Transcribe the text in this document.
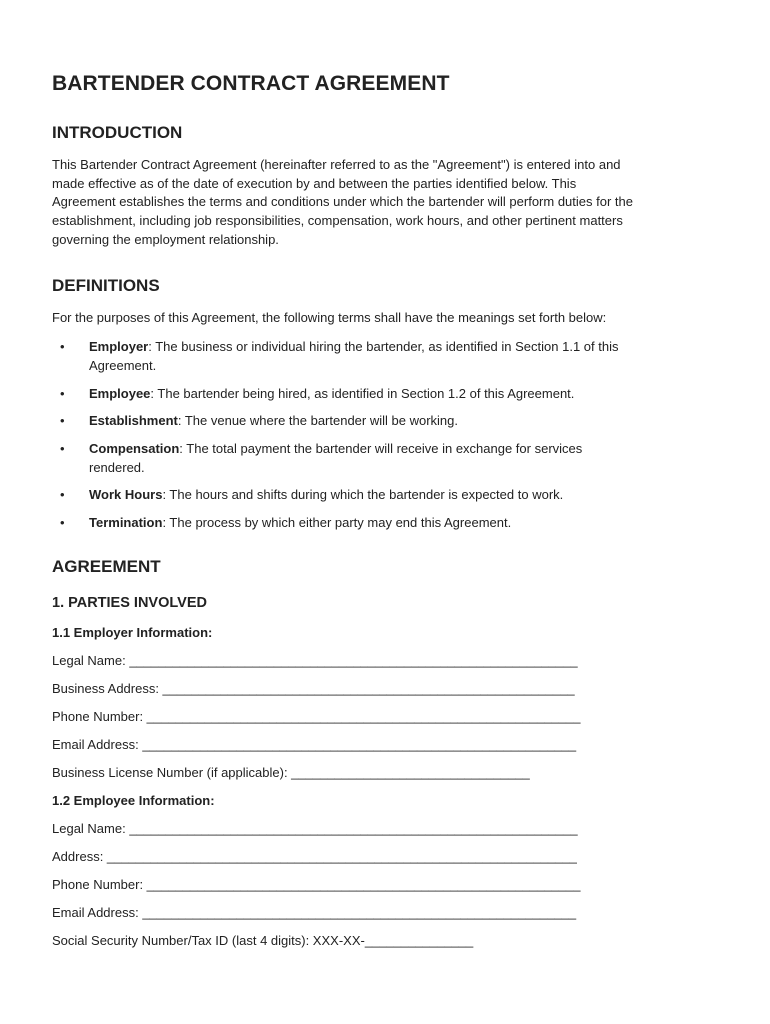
BARTENDER CONTRACT AGREEMENT
INTRODUCTION

This Bartender Contract Agreement (hereinafter referred to as the "Agreement") is entered into and
made effective as of the date of execution by and between the parties identified below. This
Agreement establishes the terms and conditions under which the bartender will perform duties for the
establishment, including job responsibilities, compensation, work hours, and other pertinent matters
governing the employment relationship.

DEFINITIONS

For the purposes of this Agreement, the following terms shall have the meanings set forth below:

• Employer: The business or individual hiring the bartender, as identified in Section 1.1 of this
Agreement.
• Employee: The bartender being hired, as identified in Section 1.2 of this Agreement.
• Establishment: The venue where the bartender will be working.
• Compensation: The total payment the bartender will receive in exchange for services
rendered.
• Work Hours: The hours and shifts during which the bartender is expected to work.
• Termination: The process by which either party may end this Agreement.
AGREEMENT
1. PARTIES INVOLVED
1.1 Employer Information:

Legal Name: ______________________________________________________________

Business Address: _________________________________________________________

Phone Number: ____________________________________________________________

Email Address: ____________________________________________________________

Business License Number (if applicable): _________________________________

1.2 Employee Information:

Legal Name: ______________________________________________________________

Address: _________________________________________________________________

Phone Number: ____________________________________________________________

Email Address: ____________________________________________________________

Social Security Number/Tax ID (last 4 digits): XXX-XX-_______________
